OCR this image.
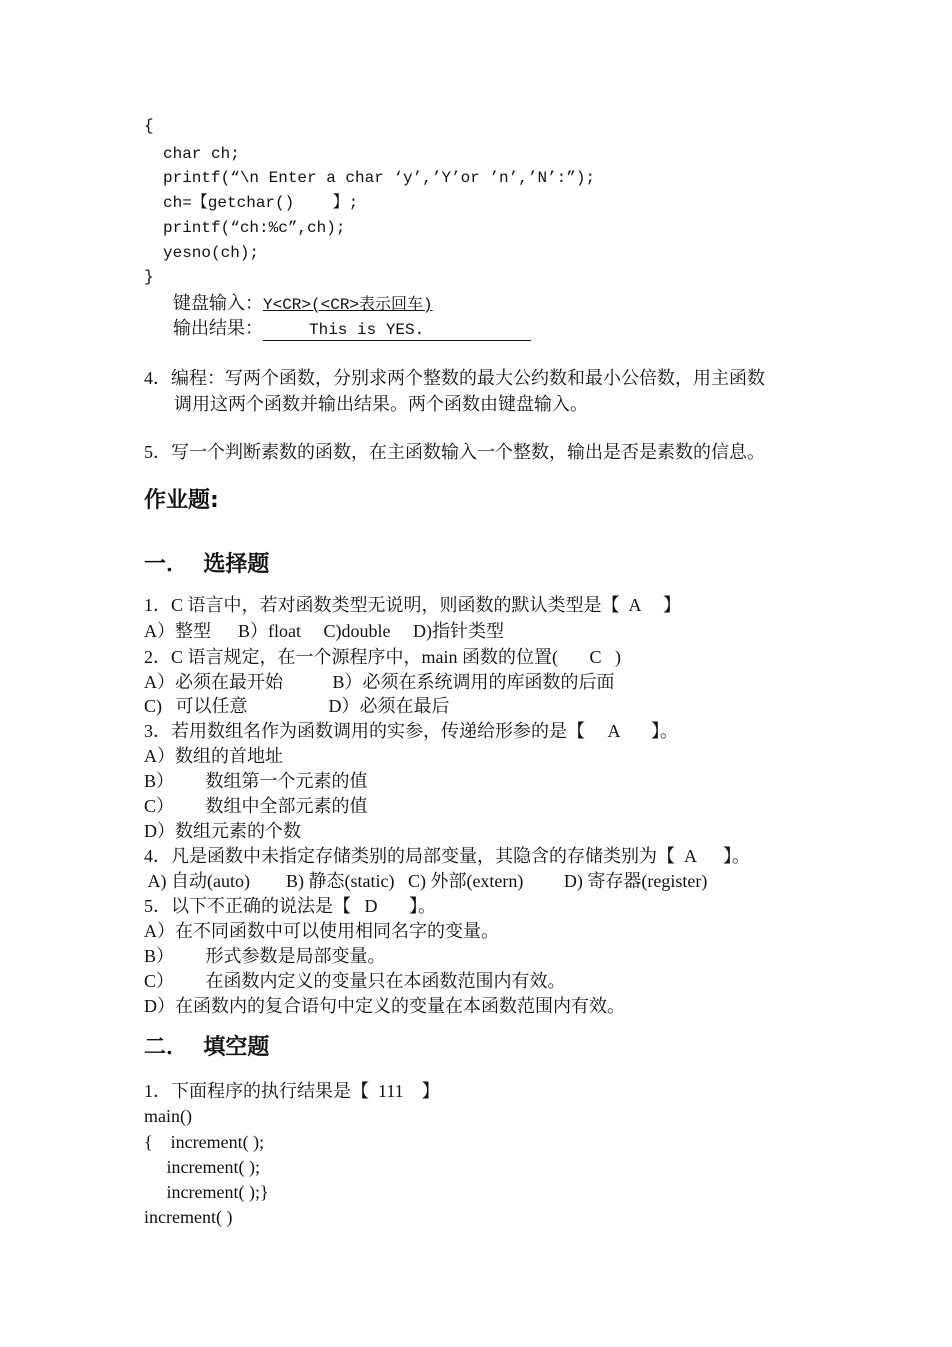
{
char ch;
printf(“\n Enter a char ‘y’,’Y’or ’n’,’N’:”);
ch=【getchar()    】;
printf(“ch:%c”,ch);
yesno(ch);
}
键盘输入：Y<CR>(<CR>表示回车)
输出结果：	This is YES.
4．编程：写两个函数，分别求两个整数的最大公约数和最小公倍数，用主函数
调用这两个函数并输出结果。两个函数由键盘输入。
5．写一个判断素数的函数，在主函数输入一个整数，输出是否是素数的信息。
作业题:
一．  选择题
1．C 语言中，若对函数类型无说明，则函数的默认类型是【  A     】
A）整型      B）float     C)double     D)指针类型
2．C 语言规定，在一个源程序中，main 函数的位置(       C   )
A）必须在最开始           B）必须在系统调用的库函数的后面
C)   可以任意                  D）必须在最后
3．若用数组名作为函数调用的实参，传递给形参的是【     A       】。
A）数组的首地址
B）       数组第一个元素的值
C）       数组中全部元素的值
D）数组元素的个数
4．凡是函数中未指定存储类别的局部变量，其隐含的存储类别为【  A      】。
A) 自动(auto)        B) 静态(static)   C) 外部(extern)         D) 寄存器(register)
5．以下不正确的说法是【   D       】。
A）在不同函数中可以使用相同名字的变量。
B）       形式参数是局部变量。
C）       在函数内定义的变量只在本函数范围内有效。
D）在函数内的复合语句中定义的变量在本函数范围内有效。
二．  填空题
1．下面程序的执行结果是【  111    】
main()
{    increment( );
increment( );
increment( );}
increment( )
